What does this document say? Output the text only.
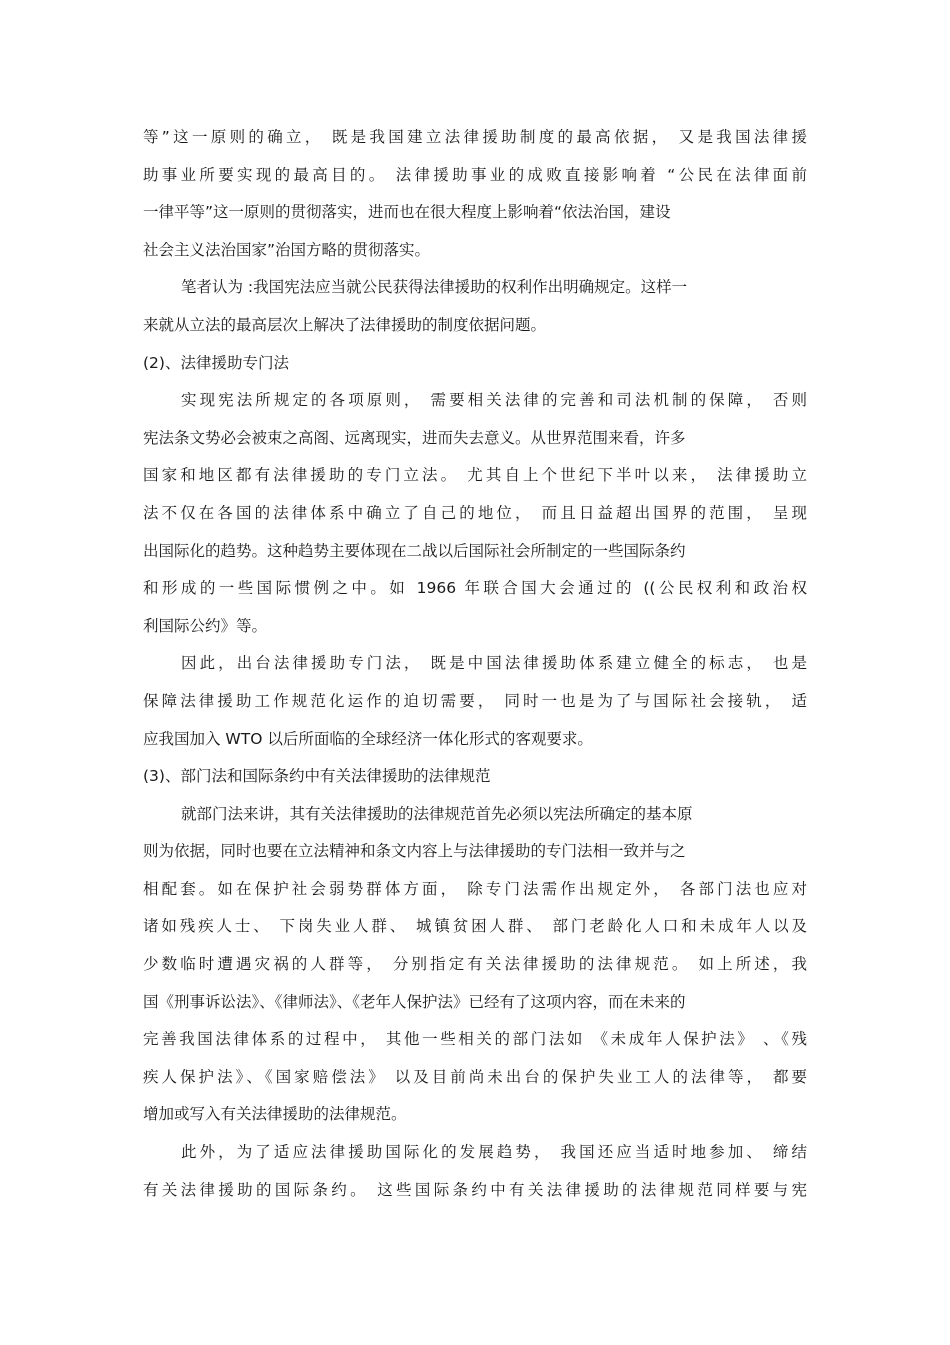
等”这一原则的确立， 既是我国建立法律援助制度的最高依据， 又是我国法律援
助事业所要实现的最高目的。 法律援助事业的成败直接影响着 “公民在法律面前
一律平等”这一原则的贯彻落实，进而也在很大程度上影响着“依法治国，建设
社会主义法治国家”治国方略的贯彻落实。
笔者认为 :我国宪法应当就公民获得法律援助的权利作出明确规定。这样一
来就从立法的最高层次上解决了法律援助的制度依据问题。
(2)、法律援助专门法
实现宪法所规定的各项原则， 需要相关法律的完善和司法机制的保障， 否则
宪法条文势必会被束之高阁、远离现实，进而失去意义。从世界范围来看，许多
国家和地区都有法律援助的专门立法。 尤其自上个世纪下半叶以来， 法律援助立
法不仅在各国的法律体系中确立了自己的地位， 而且日益超出国界的范围， 呈现
出国际化的趋势。这种趋势主要体现在二战以后国际社会所制定的一些国际条约
和形成的一些国际惯例之中。如 1966 年联合国大会通过的 ((公民权利和政治权
利国际公约》等。
因此，出台法律援助专门法， 既是中国法律援助体系建立健全的标志， 也是
保障法律援助工作规范化运作的迫切需要， 同时一也是为了与国际社会接轨， 适
应我国加入 WTO 以后所面临的全球经济一体化形式的客观要求。
(3)、部门法和国际条约中有关法律援助的法律规范
就部门法来讲，其有关法律援助的法律规范首先必须以宪法所确定的基本原
则为依据，同时也要在立法精神和条文内容上与法律援助的专门法相一致并与之
相配套。如在保护社会弱势群体方面， 除专门法需作出规定外， 各部门法也应对
诸如残疾人士、 下岗失业人群、 城镇贫困人群、 部门老龄化人口和未成年人以及
少数临时遭遇灾祸的人群等， 分别指定有关法律援助的法律规范。 如上所述，我
国《刑事诉讼法》、《律师法》、《老年人保护法》已经有了这项内容，而在未来的
完善我国法律体系的过程中， 其他一些相关的部门法如 《未成年人保护法》 、《残
疾人保护法》、《国家赔偿法》 以及目前尚未出台的保护失业工人的法律等， 都要
增加或写入有关法律援助的法律规范。
此外，为了适应法律援助国际化的发展趋势， 我国还应当适时地参加、 缔结
有关法律援助的国际条约。 这些国际条约中有关法律援助的法律规范同样要与宪
